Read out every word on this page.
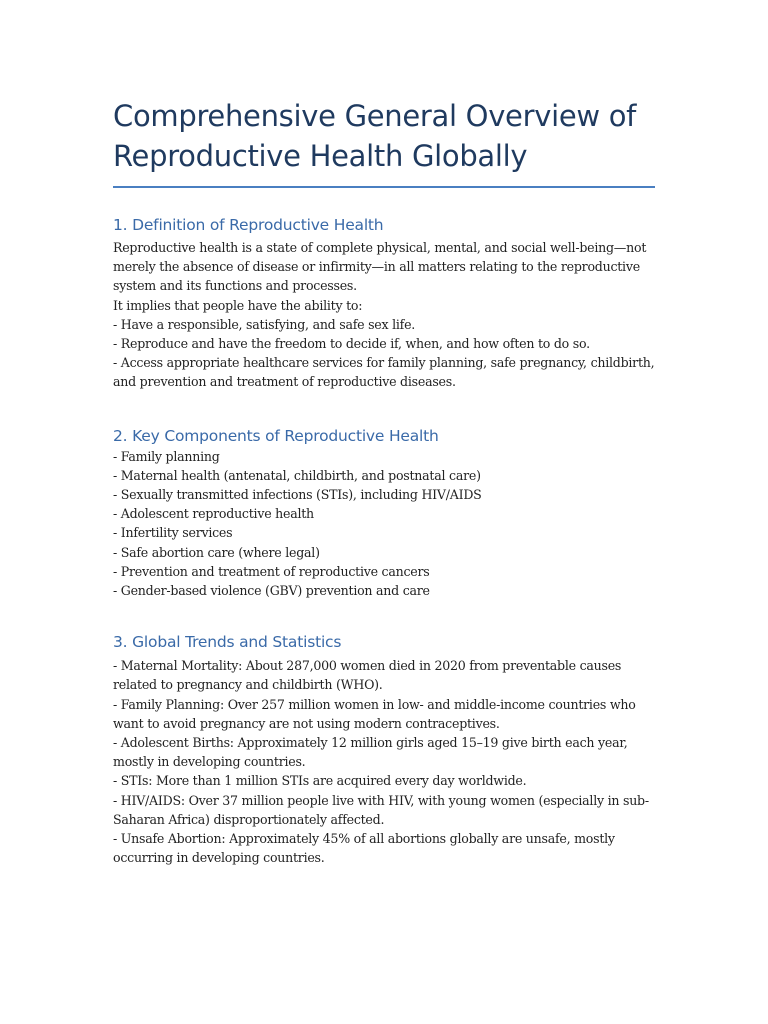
Comprehensive General Overview of Reproductive Health Globally
1. Definition of Reproductive Health

Reproductive health is a state of complete physical, mental, and social well-being—not merely the absence of disease or infirmity—in all matters relating to the reproductive system and its functions and processes.

It implies that people have the ability to:

- Have a responsible, satisfying, and safe sex life.

- Reproduce and have the freedom to decide if, when, and how often to do so.

- Access appropriate healthcare services for family planning, safe pregnancy, childbirth, and prevention and treatment of reproductive diseases.

2. Key Components of Reproductive Health

- Family planning

- Maternal health (antenatal, childbirth, and postnatal care)

- Sexually transmitted infections (STIs), including HIV/AIDS

- Adolescent reproductive health

- Infertility services

- Safe abortion care (where legal)

- Prevention and treatment of reproductive cancers

- Gender-based violence (GBV) prevention and care

3. Global Trends and Statistics

- Maternal Mortality: About 287,000 women died in 2020 from preventable causes related to pregnancy and childbirth (WHO).

- Family Planning: Over 257 million women in low- and middle-income countries who want to avoid pregnancy are not using modern contraceptives.

- Adolescent Births: Approximately 12 million girls aged 15–19 give birth each year, mostly in developing countries.

- STIs: More than 1 million STIs are acquired every day worldwide.

- HIV/AIDS: Over 37 million people live with HIV, with young women (especially in sub-Saharan Africa) disproportionately affected.

- Unsafe Abortion: Approximately 45% of all abortions globally are unsafe, mostly occurring in developing countries.
